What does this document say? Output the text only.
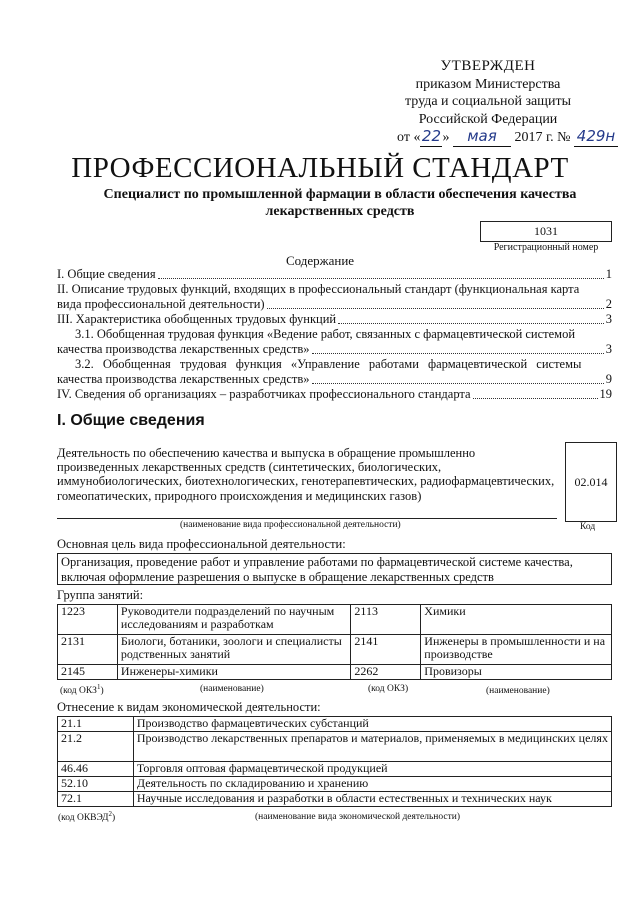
УТВЕРЖДЕН
приказом Министерства
труда и социальной защиты
Российской Федерации
от «22» мая 2017 г. № 429н
ПРОФЕССИОНАЛЬНЫЙ СТАНДАРТ
Специалист по промышленной фармации в области обеспечения качества лекарственных средств
1031
Регистрационный номер
Содержание
I. Общие сведения	1
II. Описание трудовых функций, входящих в профессиональный стандарт (функциональная карта
вида профессиональной деятельности)	2
III. Характеристика обобщенных трудовых функций	3
3.1. Обобщенная трудовая функция «Ведение работ, связанных с фармацевтической системой
качества производства лекарственных средств»	3
3.2. Обобщенная трудовая функция «Управление работами фармацевтической системы
качества производства лекарственных средств»	9
IV. Сведения об организациях – разработчиках профессионального стандарта	19
I. Общие сведения
Деятельность по обеспечению качества и выпуска в обращение промышленно произведенных лекарственных средств (синтетических, биологических, иммунобиологических, биотехнологических, генотерапевтических, радиофармацевтических, гомеопатических, природного происхождения и медицинских газов)
02.014
(наименование вида профессиональной деятельности)	Код
Основная цель вида профессиональной деятельности:
Организация, проведение работ и управление работами по фармацевтической системе качества, включая оформление разрешения о выпуске в обращение лекарственных средств
Группа занятий:
1223	Руководители подразделений по научным исследованиям и разработкам	2113	Химики
2131	Биологи, ботаники, зоологи и специалисты родственных занятий	2141	Инженеры в промышленности и на производстве
2145	Инженеры-химики	2262	Провизоры
(код ОКЗ$^1$)	(наименование)	(код ОКЗ)	(наименование)
Отнесение к видам экономической деятельности:
21.1	Производство фармацевтических субстанций
21.2	Производство лекарственных препаратов и материалов, применяемых в медицинских целях
46.46	Торговля оптовая фармацевтической продукцией
52.10	Деятельность по складированию и хранению
72.1	Научные исследования и разработки в области естественных и технических наук
(код ОКВЭД$^2$)	(наименование вида экономической деятельности)
